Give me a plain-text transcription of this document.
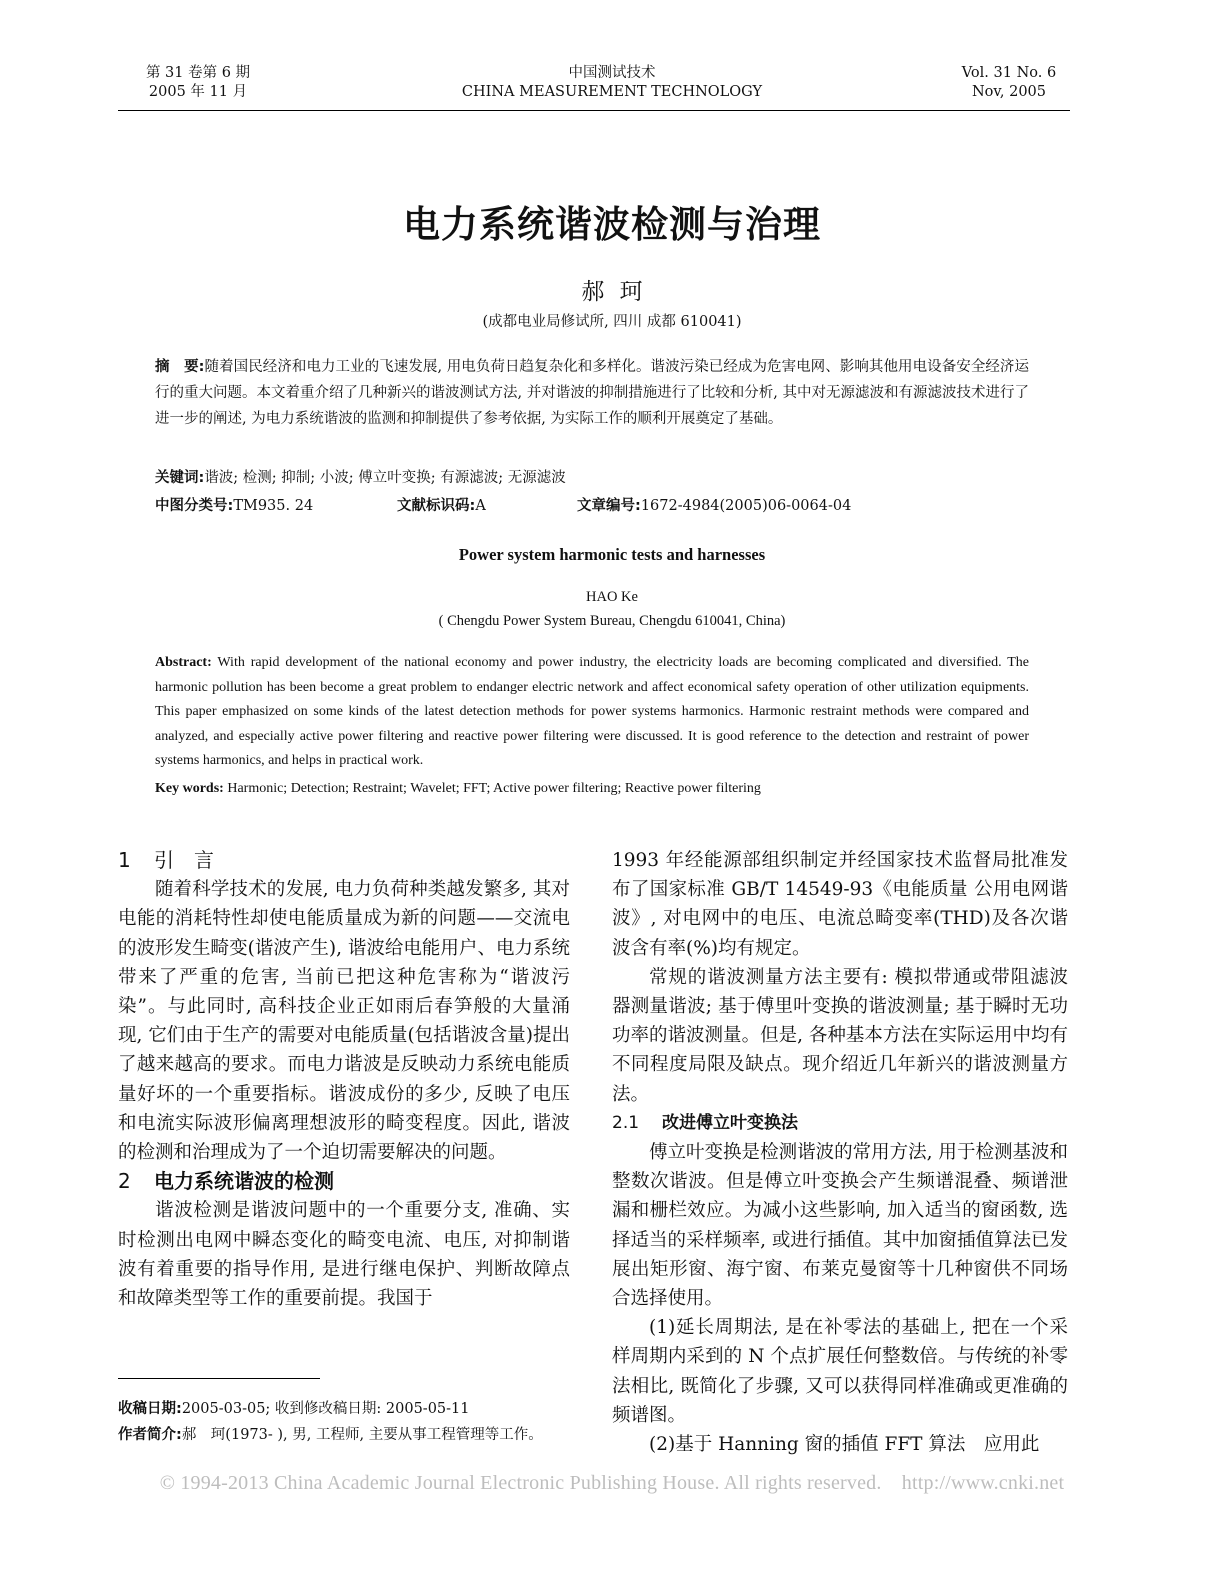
第 31 卷第 6 期
2005 年 11 月
中国测试技术
CHINA MEASUREMENT TECHNOLOGY
Vol. 31 No. 6
Nov, 2005
电力系统谐波检测与治理
郝 珂
(成都电业局修试所, 四川 成都 610041)
摘　要:随着国民经济和电力工业的飞速发展, 用电负荷日趋复杂化和多样化。谐波污染已经成为危害电网、影响其他用电设备安全经济运行的重大问题。本文着重介绍了几种新兴的谐波测试方法, 并对谐波的抑制措施进行了比较和分析, 其中对无源滤波和有源滤波技术进行了进一步的阐述, 为电力系统谐波的监测和抑制提供了参考依据, 为实际工作的顺利开展奠定了基础。
关键词:谐波; 检测; 抑制; 小波; 傅立叶变换; 有源滤波; 无源滤波
中图分类号:TM935. 24	文献标识码:A	文章编号:1672-4984(2005)06-0064-04
Power system harmonic tests and harnesses
HAO Ke
( Chengdu Power System Bureau, Chengdu 610041, China)
Abstract: With rapid development of the national economy and power industry, the electricity loads are becoming complicated and diversified. The harmonic pollution has been become a great problem to endanger electric network and affect economical safety operation of other utilization equipments. This paper emphasized on some kinds of the latest detection methods for power systems harmonics. Harmonic restraint methods were compared and analyzed, and especially active power filtering and reactive power filtering were discussed. It is good reference to the detection and restraint of power systems harmonics, and helps in practical work.
Key words: Harmonic; Detection; Restraint; Wavelet; FFT; Active power filtering; Reactive power filtering
1 引　言

随着科学技术的发展, 电力负荷种类越发繁多, 其对电能的消耗特性却使电能质量成为新的问题——交流电的波形发生畸变(谐波产生), 谐波给电能用户、电力系统带来了严重的危害, 当前已把这种危害称为“谐波污染”。与此同时, 高科技企业正如雨后春笋般的大量涌现, 它们由于生产的需要对电能质量(包括谐波含量)提出了越来越高的要求。而电力谐波是反映动力系统电能质量好坏的一个重要指标。谐波成份的多少, 反映了电压和电流实际波形偏离理想波形的畸变程度。因此, 谐波的检测和治理成为了一个迫切需要解决的问题。

2 电力系统谐波的检测

谐波检测是谐波问题中的一个重要分支, 准确、实时检测出电网中瞬态变化的畸变电流、电压, 对抑制谐波有着重要的指导作用, 是进行继电保护、判断故障点和故障类型等工作的重要前提。我国于

1993 年经能源部组织制定并经国家技术监督局批准发布了国家标准 GB/T 14549-93《电能质量 公用电网谐波》, 对电网中的电压、电流总畸变率(THD)及各次谐波含有率(%)均有规定。

常规的谐波测量方法主要有: 模拟带通或带阻滤波器测量谐波; 基于傅里叶变换的谐波测量; 基于瞬时无功功率的谐波测量。但是, 各种基本方法在实际运用中均有不同程度局限及缺点。现介绍近几年新兴的谐波测量方法。

2.1 改进傅立叶变换法

傅立叶变换是检测谐波的常用方法, 用于检测基波和整数次谐波。但是傅立叶变换会产生频谱混叠、频谱泄漏和栅栏效应。为减小这些影响, 加入适当的窗函数, 选择适当的采样频率, 或进行插值。其中加窗插值算法已发展出矩形窗、海宁窗、布莱克曼窗等十几种窗供不同场合选择使用。

(1)延长周期法, 是在补零法的基础上, 把在一个采样周期内采到的 N 个点扩展任何整数倍。与传统的补零法相比, 既简化了步骤, 又可以获得同样准确或更准确的频谱图。

(2)基于 Hanning 窗的插值 FFT 算法　应用此

收稿日期:2005-03-05; 收到修改稿日期: 2005-05-11
作者简介:郝　珂(1973- ), 男, 工程师, 主要从事工程管理等工作。
© 1994-2013 China Academic Journal Electronic Publishing House. All rights reserved.　http://www.cnki.net
